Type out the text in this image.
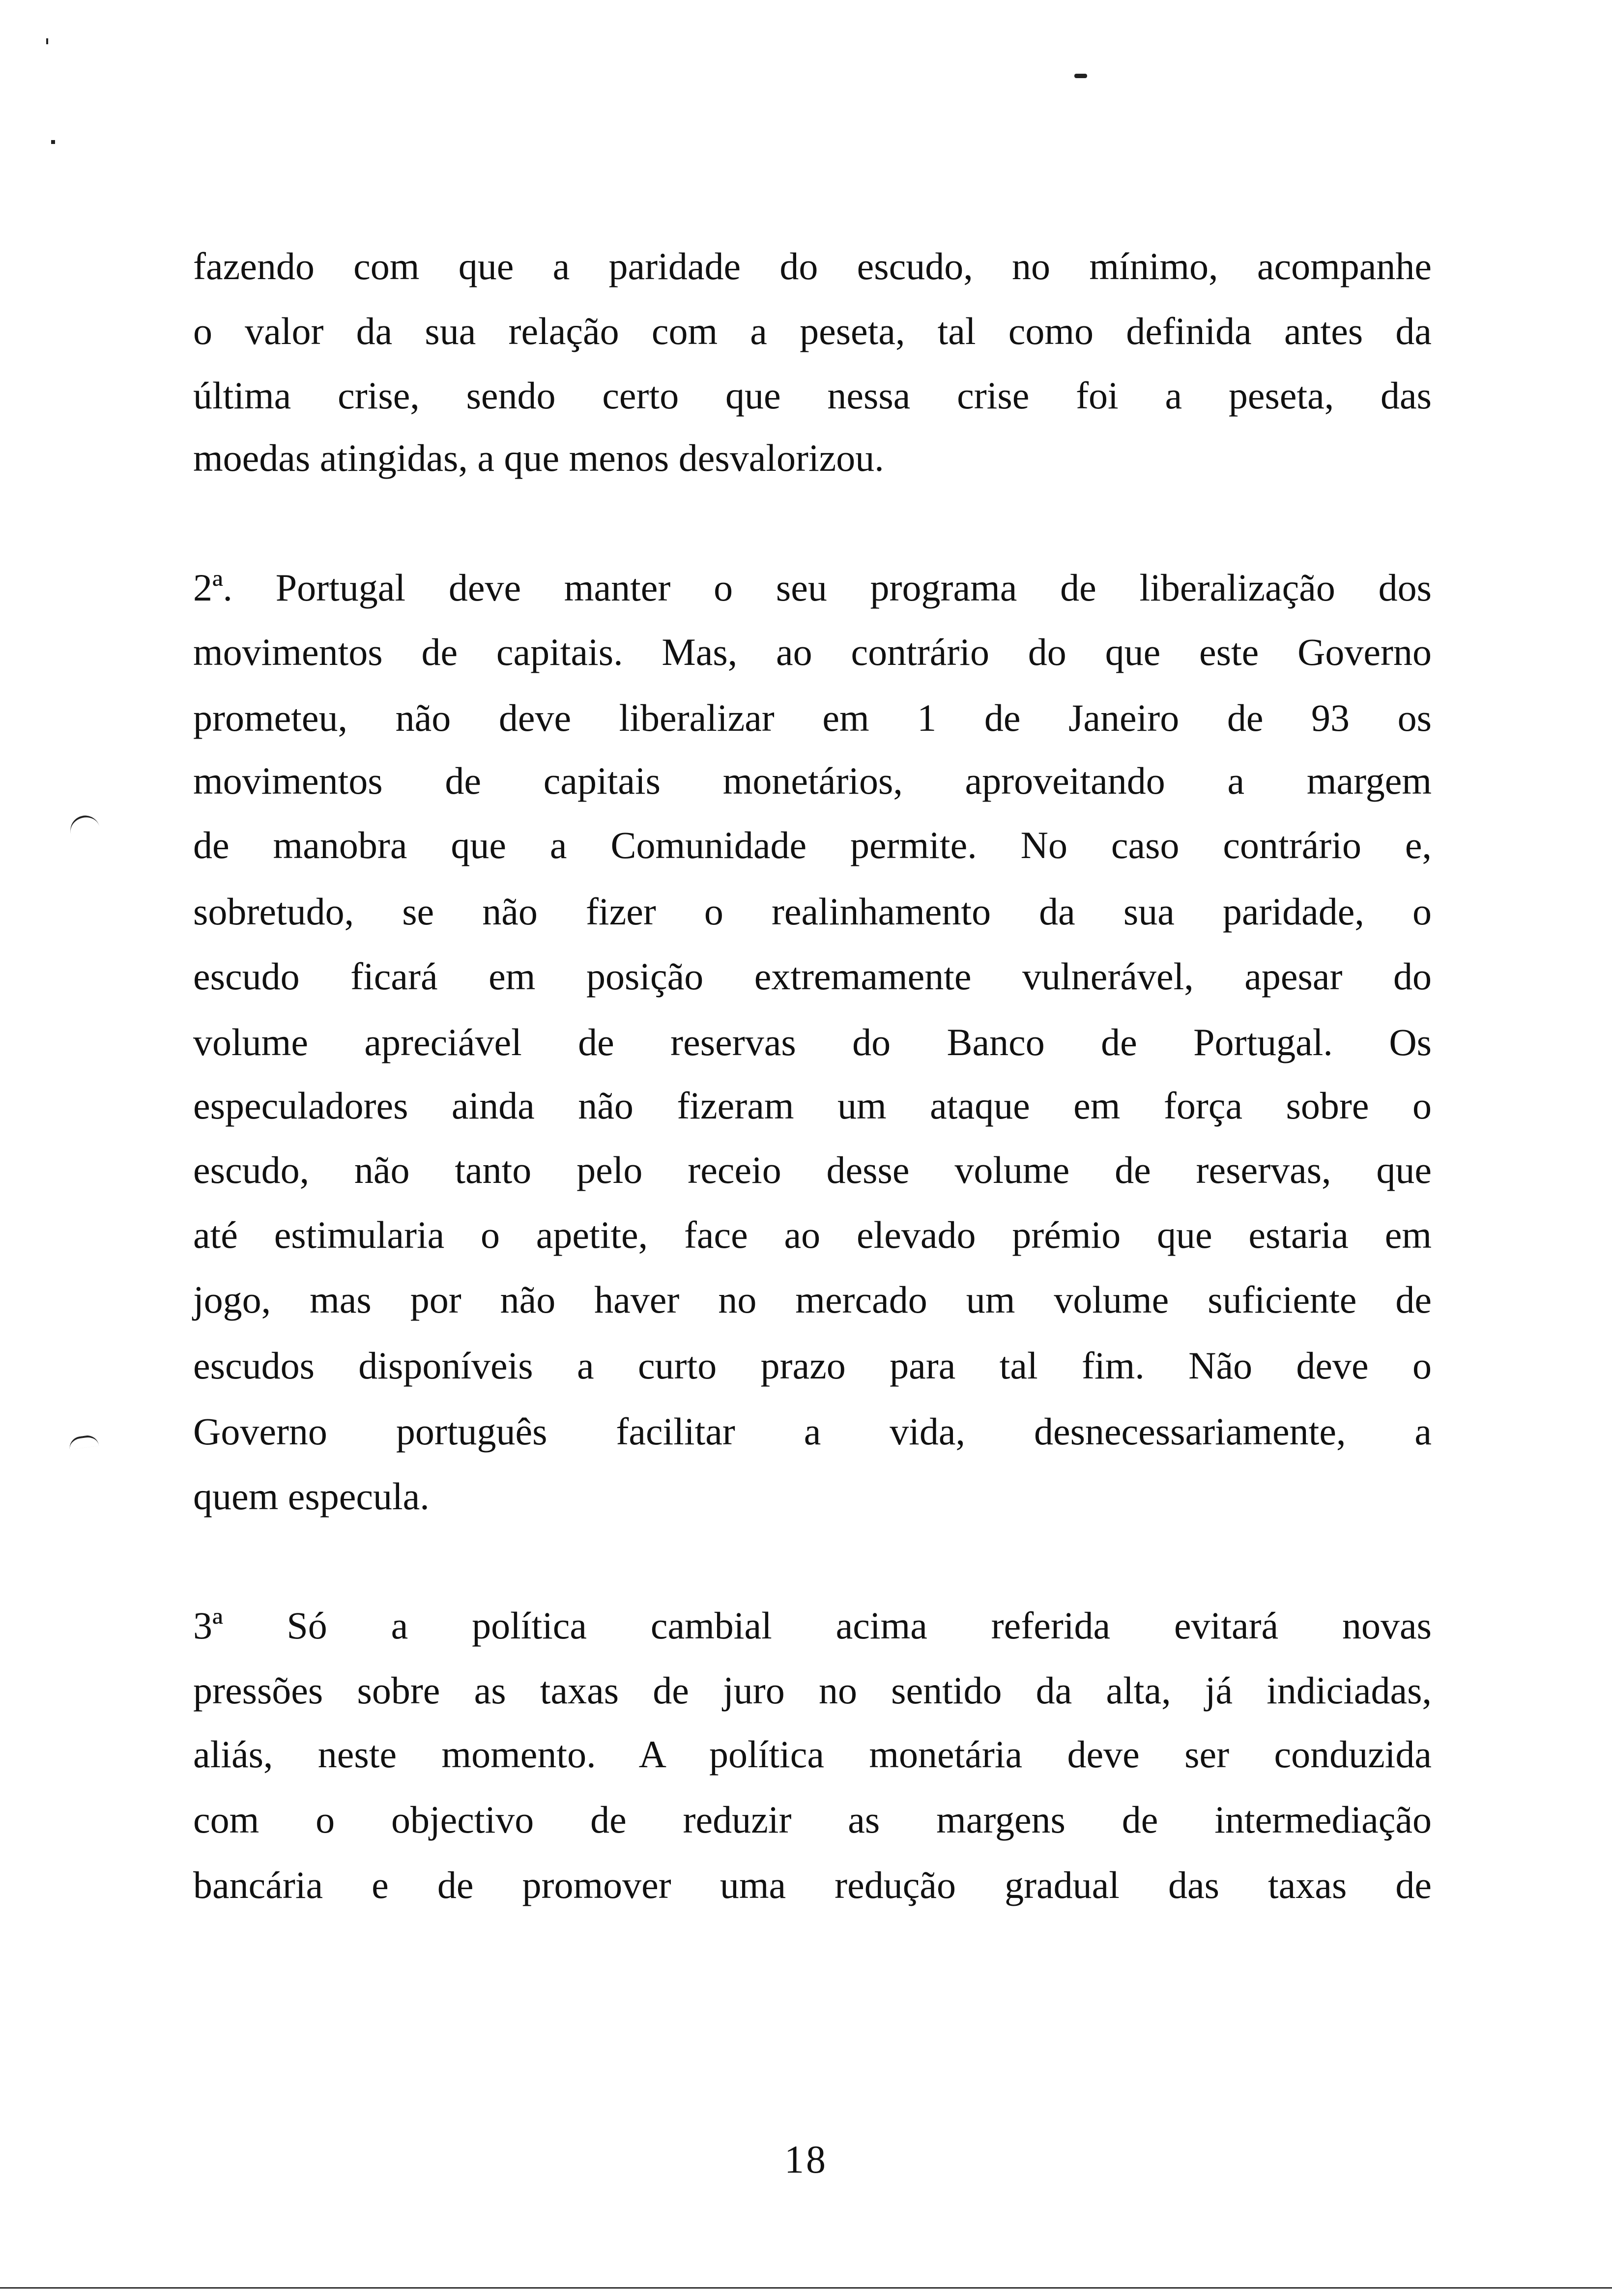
fazendo com que a paridade do escudo, no mínimo, acompanhe
o valor da sua relação com a peseta, tal como definida antes da
última crise, sendo certo que nessa crise foi a peseta, das
moedas atingidas, a que menos desvalorizou.
2ª. Portugal deve manter o seu programa de liberalização dos
movimentos de capitais. Mas, ao contrário do que este Governo
prometeu, não deve liberalizar em 1 de Janeiro de 93 os
movimentos de capitais monetários, aproveitando a margem
de manobra que a Comunidade permite. No caso contrário e,
sobretudo, se não fizer o realinhamento da sua paridade, o
escudo ficará em posição extremamente vulnerável, apesar do
volume apreciável de reservas do Banco de Portugal. Os
especuladores ainda não fizeram um ataque em força sobre o
escudo, não tanto pelo receio desse volume de reservas, que
até estimularia o apetite, face ao elevado prémio que estaria em
jogo, mas por não haver no mercado um volume suficiente de
escudos disponíveis a curto prazo para tal fim. Não deve o
Governo português facilitar a vida, desnecessariamente, a
quem especula.
3ª Só a política cambial acima referida evitará novas
pressões sobre as taxas de juro no sentido da alta, já indiciadas,
aliás, neste momento. A política monetária deve ser conduzida
com o objectivo de reduzir as margens de intermediação
bancária e de promover uma redução gradual das taxas de
18
